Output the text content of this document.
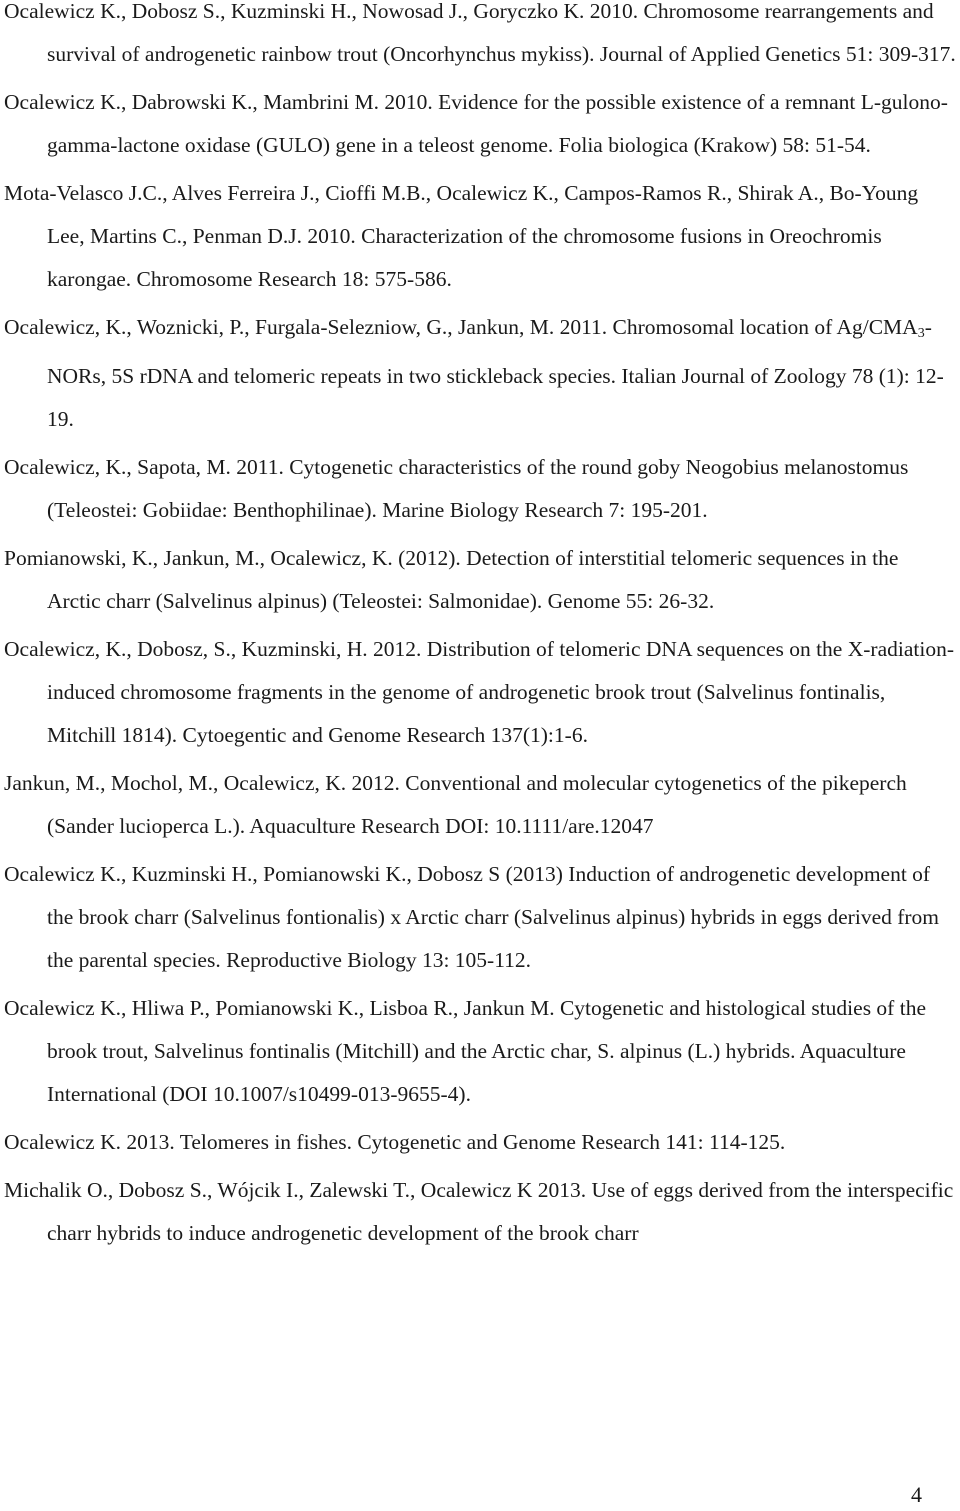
Ocalewicz K., Dobosz S., Kuzminski H., Nowosad J., Goryczko K. 2010. Chromosome rearrangements and survival of androgenetic rainbow trout (Oncorhynchus mykiss). Journal of Applied Genetics 51: 309-317.
Ocalewicz K., Dabrowski K., Mambrini M. 2010. Evidence for the possible existence of a remnant L-gulono-gamma-lactone oxidase (GULO) gene in a teleost genome. Folia biologica (Krakow) 58: 51-54.
Mota-Velasco J.C., Alves Ferreira J., Cioffi M.B., Ocalewicz K., Campos-Ramos R., Shirak A., Bo-Young Lee, Martins C., Penman D.J. 2010. Characterization of the chromosome fusions in Oreochromis karongae. Chromosome Research 18: 575-586.
Ocalewicz, K., Woznicki, P., Furgala-Selezniow, G., Jankun, M. 2011. Chromosomal location of $Ag/CMA_3$-NORs, 5S rDNA and telomeric repeats in two stickleback species. Italian Journal of Zoology 78 (1): 12-19.
Ocalewicz, K., Sapota, M. 2011. Cytogenetic characteristics of the round goby Neogobius melanostomus (Teleostei: Gobiidae: Benthophilinae). Marine Biology Research 7: 195-201.
Pomianowski, K., Jankun, M., Ocalewicz, K. (2012). Detection of interstitial telomeric sequences in the Arctic charr (Salvelinus alpinus) (Teleostei: Salmonidae). Genome 55: 26-32.
Ocalewicz, K., Dobosz, S., Kuzminski, H. 2012. Distribution of telomeric DNA sequences on the X-radiation-induced chromosome fragments in the genome of androgenetic brook trout (Salvelinus fontinalis, Mitchill 1814). Cytoegentic and Genome Research 137(1):1-6.
Jankun, M., Mochol, M., Ocalewicz, K. 2012. Conventional and molecular cytogenetics of the pikeperch (Sander lucioperca L.). Aquaculture Research DOI: 10.1111/are.12047
Ocalewicz K., Kuzminski H., Pomianowski K., Dobosz S (2013) Induction of androgenetic development of the brook charr (Salvelinus fontionalis) x Arctic charr (Salvelinus alpinus) hybrids in eggs derived from the parental species. Reproductive Biology 13: 105-112.
Ocalewicz K., Hliwa P., Pomianowski K., Lisboa R., Jankun M. Cytogenetic and histological studies of the brook trout, Salvelinus fontinalis (Mitchill) and the Arctic char, S. alpinus (L.) hybrids. Aquaculture International (DOI 10.1007/s10499-013-9655-4).
Ocalewicz K. 2013. Telomeres in fishes. Cytogenetic and Genome Research 141: 114-125.
Michalik O., Dobosz S., Wójcik I., Zalewski T., Ocalewicz K 2013. Use of eggs derived from the interspecific charr hybrids to induce androgenetic development of the brook charr
4
